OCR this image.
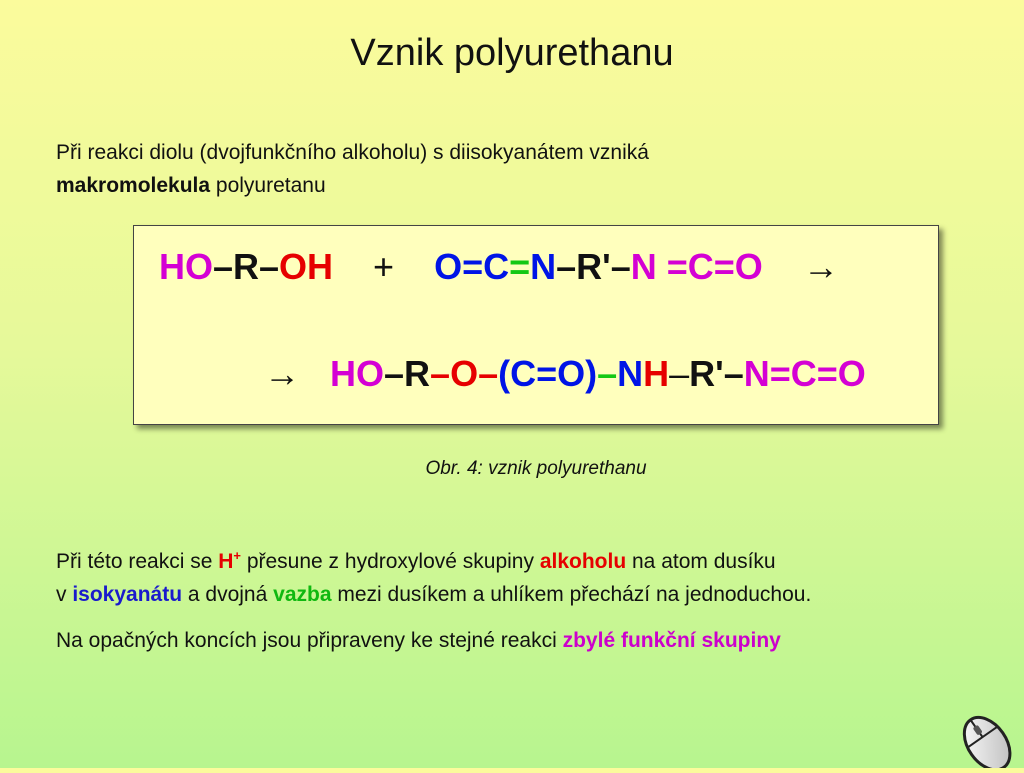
Vznik polyurethanu
Při reakci diolu (dvojfunkčního alkoholu) s diisokyanátem vzniká
makromolekula polyuretanu
HO–R–OH    +    O=C=N–R'–N =C=O    →
→   HO–R–O–(C=O)–NH–R'–N=C=O
Obr. 4: vznik polyurethanu
Při této reakci se H+ přesune z hydroxylové skupiny alkoholu na atom dusíku
v isokyanátu a dvojná vazba mezi dusíkem a uhlíkem přechází na jednoduchou.
Na opačných koncích jsou připraveny ke stejné reakci zbylé funkční skupiny
